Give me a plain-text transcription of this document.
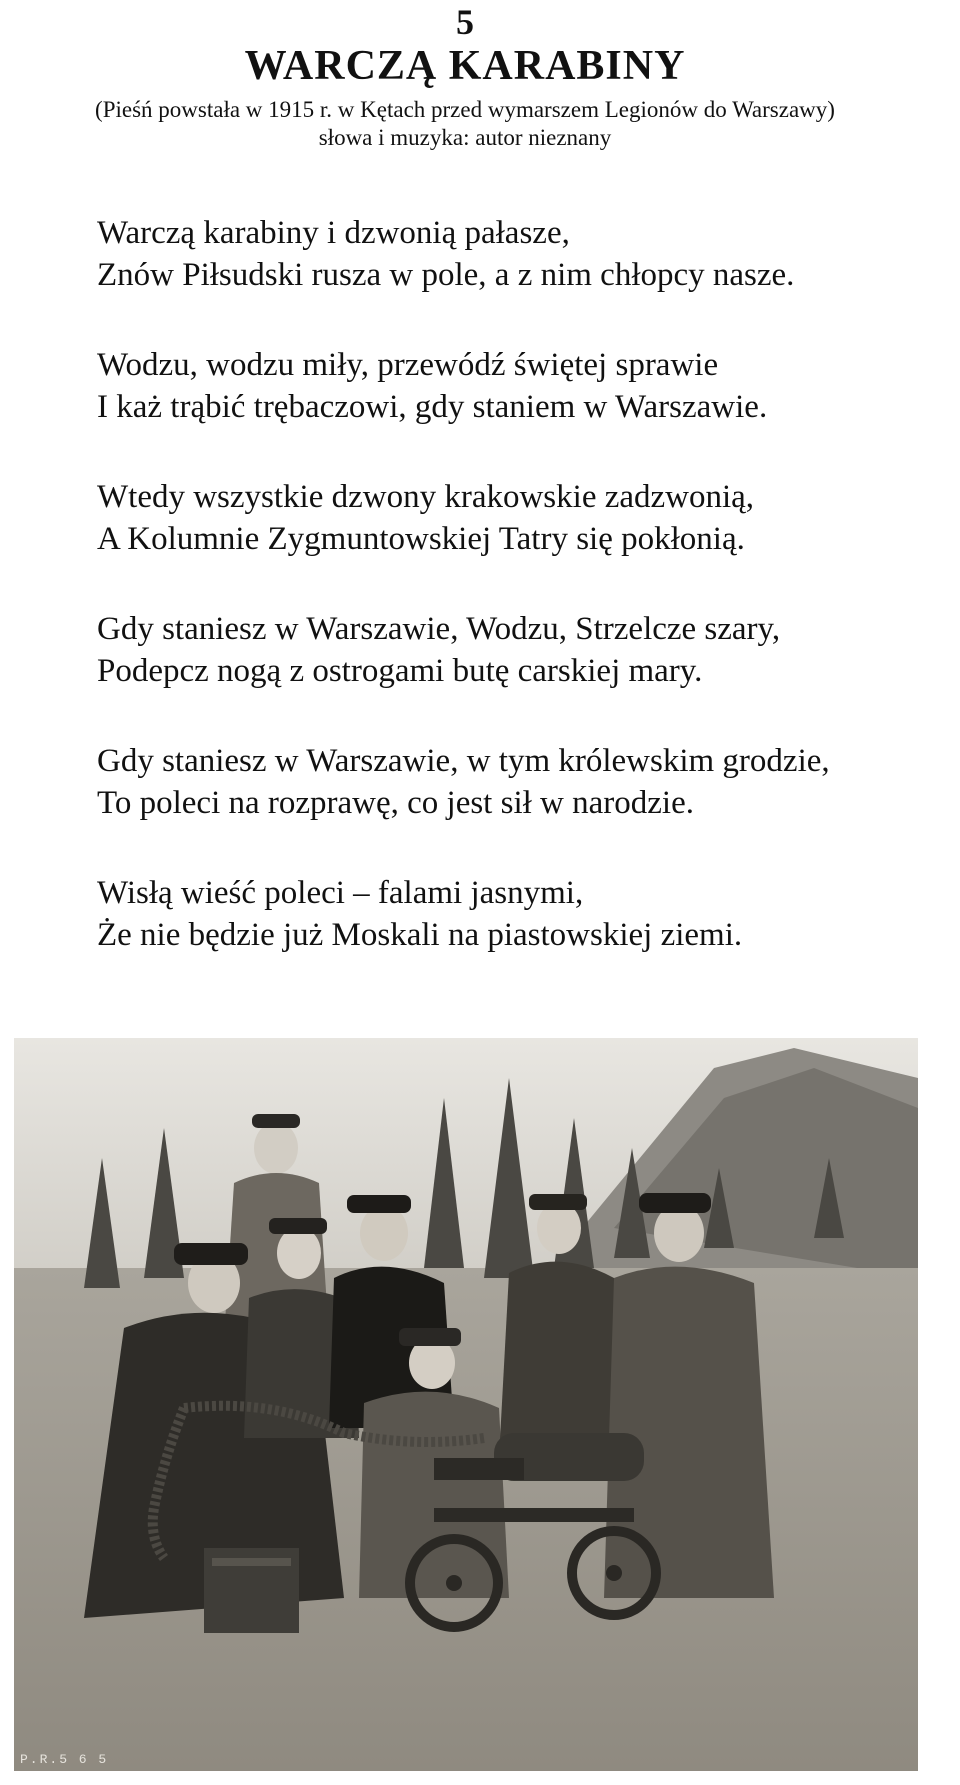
5
WARCZĄ KARABINY
(Pieśń powstała w 1915 r. w Kętach przed wymarszem Legionów do Warszawy)
słowa i muzyka: autor nieznany
Warczą karabiny i dzwonią pałasze,
Znów Piłsudski rusza w pole, a z nim chłopcy nasze.
Wodzu, wodzu miły, przewódź świętej sprawie
I każ trąbić trębaczowi, gdy staniem w Warszawie.
Wtedy wszystkie dzwony krakowskie zadzwonią,
A Kolumnie Zygmuntowskiej Tatry się pokłonią.
Gdy staniesz w Warszawie, Wodzu, Strzelcze szary,
Podepcz nogą z ostrogami butę carskiej mary.
Gdy staniesz w Warszawie, w tym królewskim grodzie,
To poleci na rozprawę, co jest sił w narodzie.
Wisłą wieść poleci – falami jasnymi,
Że nie będzie już Moskali na piastowskiej ziemi.
P.R.5 6 5
